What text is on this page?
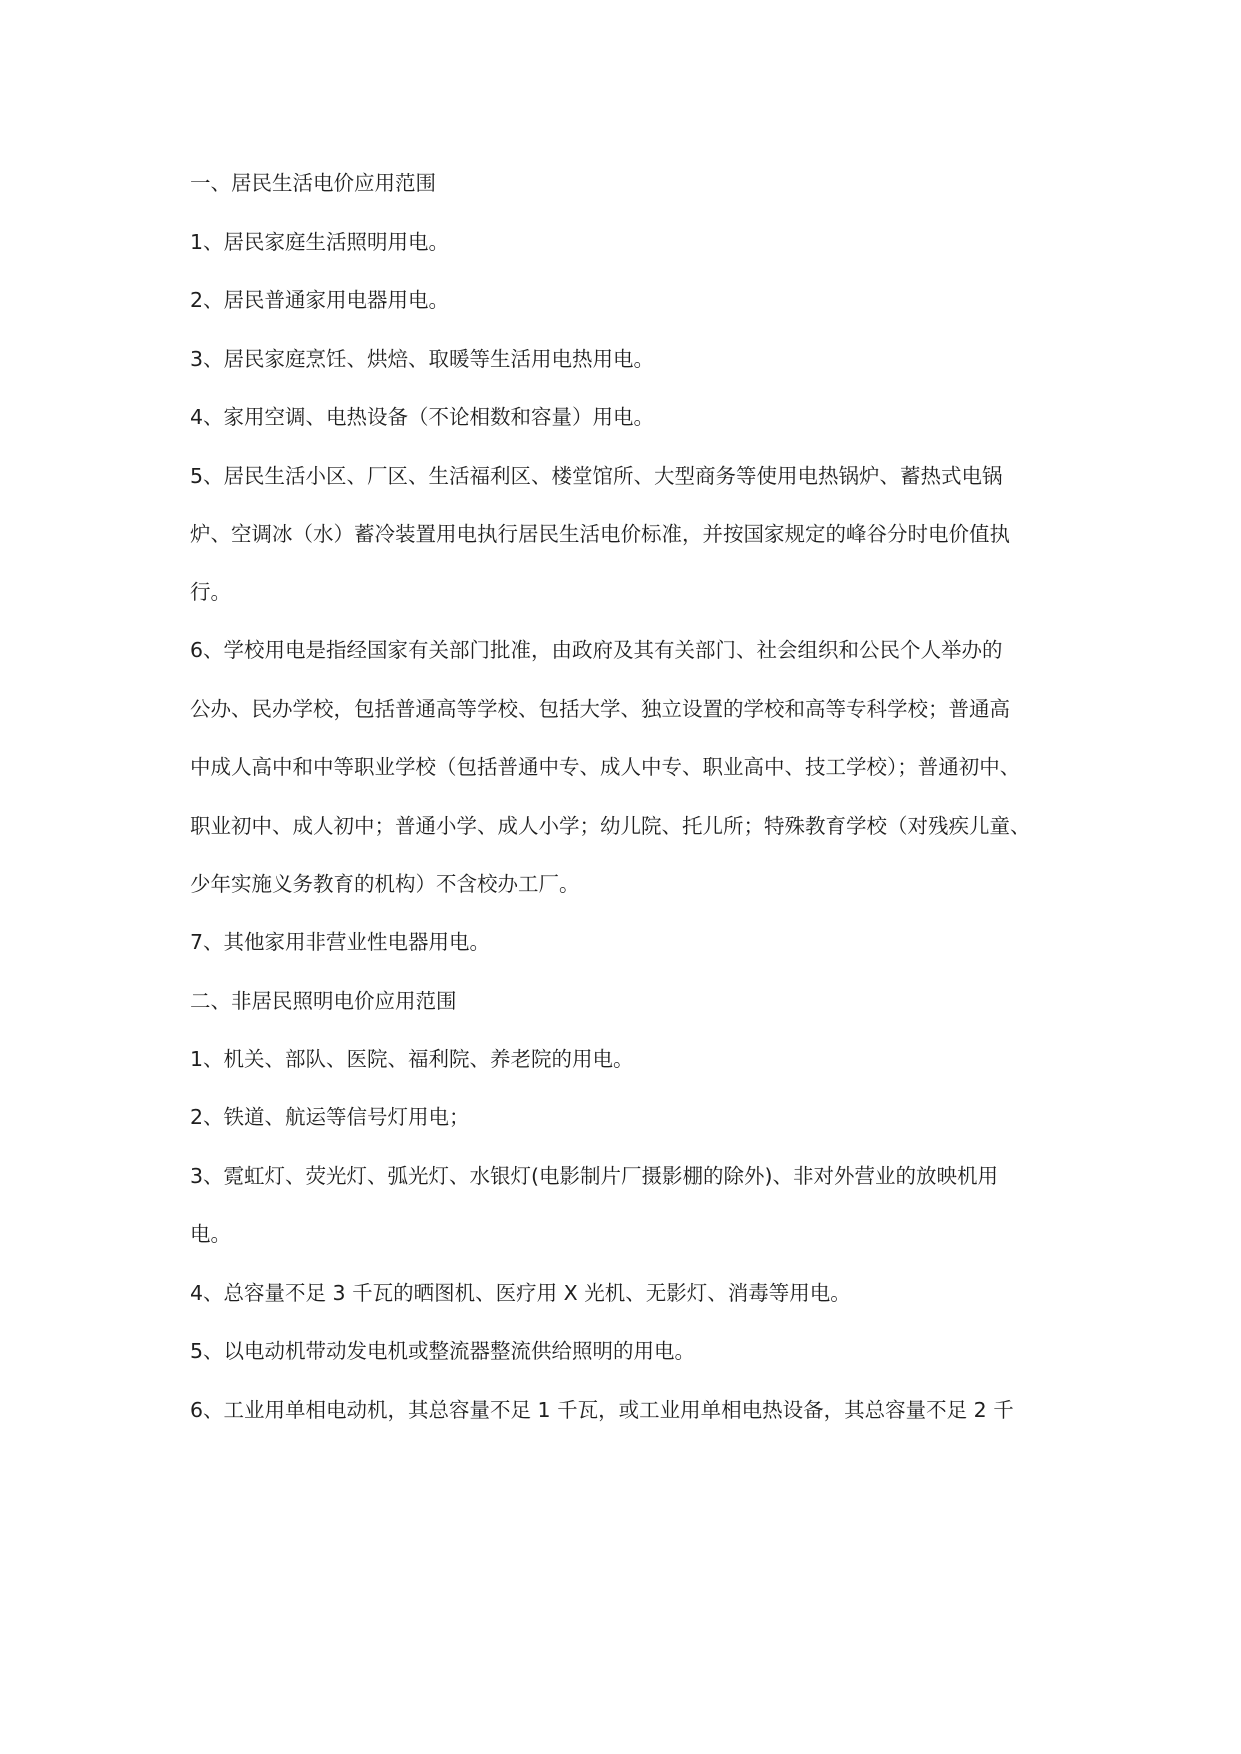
一、居民生活电价应用范围
1、居民家庭生活照明用电。
2、居民普通家用电器用电。
3、居民家庭烹饪、烘焙、取暖等生活用电热用电。
4、家用空调、电热设备（不论相数和容量）用电。
5、居民生活小区、厂区、生活福利区、楼堂馆所、大型商务等使用电热锅炉、蓄热式电锅
炉、空调冰（水）蓄冷装置用电执行居民生活电价标准，并按国家规定的峰谷分时电价值执
行。
6、学校用电是指经国家有关部门批准，由政府及其有关部门、社会组织和公民个人举办的
公办、民办学校，包括普通高等学校、包括大学、独立设置的学校和高等专科学校；普通高
中成人高中和中等职业学校（包括普通中专、成人中专、职业高中、技工学校）；普通初中、
职业初中、成人初中；普通小学、成人小学；幼儿院、托儿所；特殊教育学校（对残疾儿童、
少年实施义务教育的机构）不含校办工厂。
7、其他家用非营业性电器用电。
二、非居民照明电价应用范围
1、机关、部队、医院、福利院、养老院的用电。
2、铁道、航运等信号灯用电；
3、霓虹灯、荧光灯、弧光灯、水银灯(电影制片厂摄影棚的除外)、非对外营业的放映机用
电。
4、总容量不足 3 千瓦的晒图机、医疗用 X 光机、无影灯、消毒等用电。
5、以电动机带动发电机或整流器整流供给照明的用电。
6、工业用单相电动机，其总容量不足 1 千瓦，或工业用单相电热设备，其总容量不足 2 千
